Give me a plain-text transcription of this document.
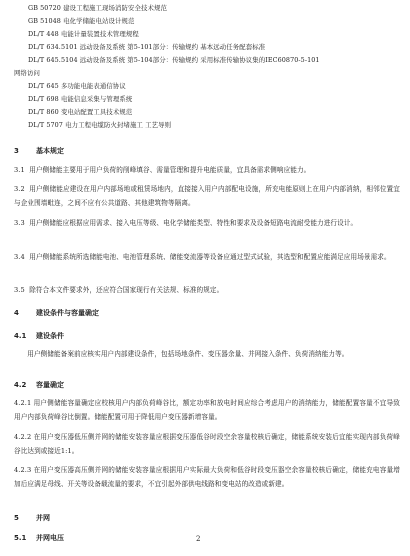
GB 50720 建设工程施工现场消防安全技术规范
GB 51048 电化学储能电站设计规范
DL/T 448 电能计量装置技术管理规程
DL/T 634.5101 远动设备及系统 第5-101部分：传输规约 基本远动任务配套标准
DL/T 645.5104 远动设备及系统 第5-104部分：传输规约 采用标准传输协议集的IEC60870-5-101
网络访问
DL/T 645 多功能电能表通信协议
DL/T 698 电能信息采集与管理系统
DL/T 860 变电站配置工具技术规范
DL/T 5707 电力工程电缆防火封堵施工 工艺导则
3 基本规定
3.1 用户侧储能主要用于用户负荷的削峰填谷、需量管理和提升电能质量，宜具备需求侧响应能力。
3.2 用户侧储能应建设在用户内部场地或租赁场地内，直接接入用户内部配电设施，所充电能原则上在用户内部消纳，相邻位置宜与企业围墙毗连，之间不应有公共道路、其他建筑物等隔离。
3.3 用户侧储能应根据应用需求、接入电压等级、电化学储能类型、特性和要求及设备短路电流耐受能力进行设计。
3.4 用户侧储能系统所选储能电池、电池管理系统、储能变流器等设备应通过型式试验，其选型和配置应能满足应用场景需求。
3.5 除符合本文件要求外，还应符合国家现行有关法规、标准的规定。
4 建设条件与容量确定
4.1 建设条件
用户侧储能备案前应核实用户内部建设条件，包括场地条件、变压器余量、并网接入条件、负荷消纳能力等。
4.2 容量确定
4.2.1 用户侧储能容量确定应校核用户内部负荷峰谷比，额定功率和放电时间应综合考虑用户的消纳能力，储能配置容量不宜导致用户内部负荷峰谷比倒置。储能配置可用于降低用户变压器新增容量。
4.2.2 在用户变压器低压侧并网的储能安装容量应根据变压器低谷时段空余容量校核后确定，储能系统安装后宜能实现内部负荷峰谷比达到或接近1:1。
4.2.3 在用户变压器高压侧并网的储能安装容量应根据用户实际最大负荷和低谷时段变压器空余容量校核后确定，储能充电容量增加后应满足母线、开关等设备载流量的要求，不宜引起外部供电线路和变电站的改造或新建。
5 并网
5.1 并网电压	2
